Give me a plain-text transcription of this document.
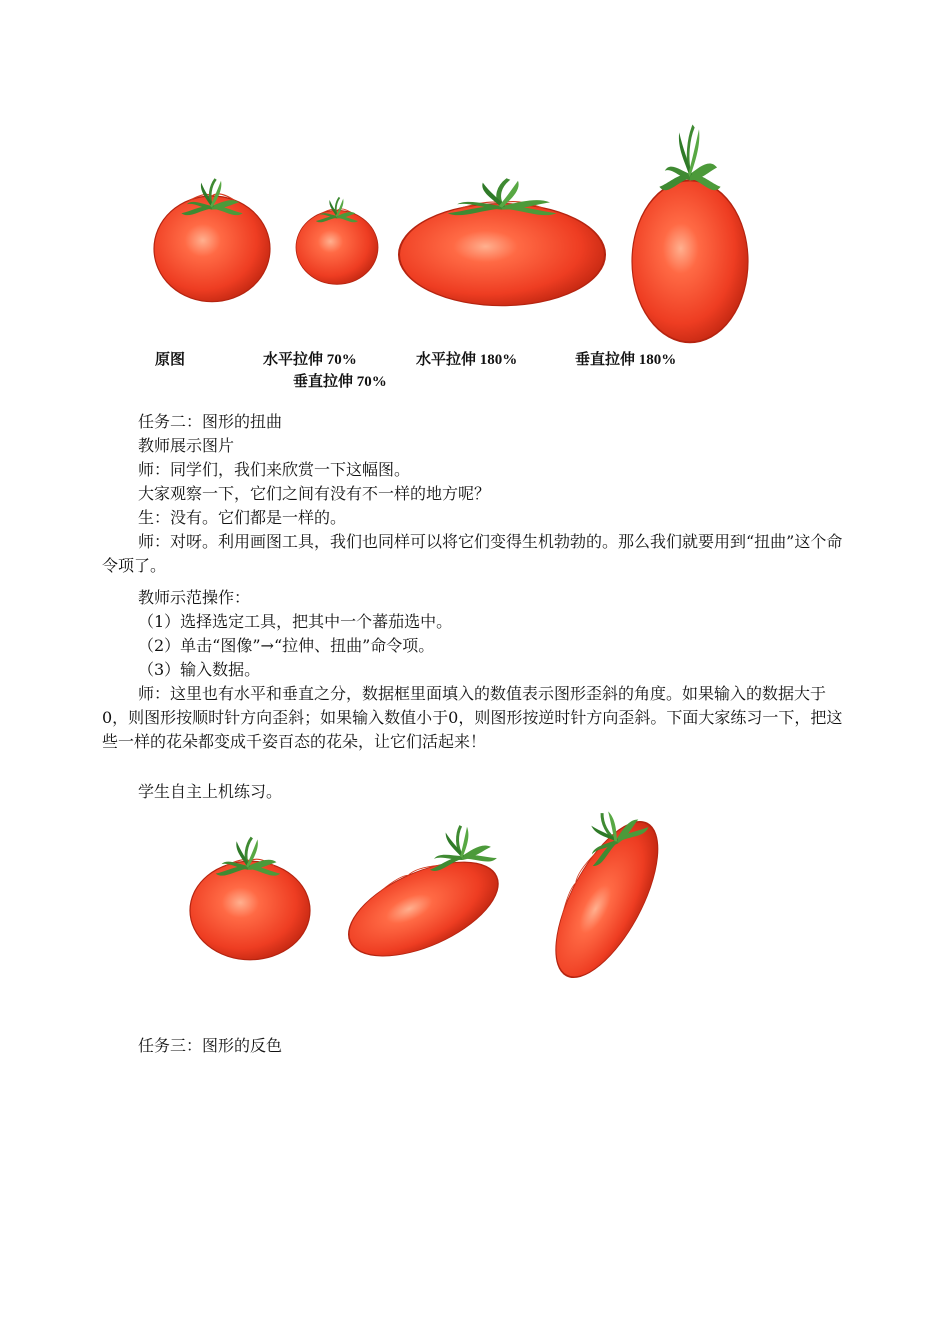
原图	水平拉伸 70%
垂直拉伸 70%
水平拉伸 180%	垂直拉伸 180%
任务二：图形的扭曲
教师展示图片
师：同学们，我们来欣赏一下这幅图。
大家观察一下，它们之间有没有不一样的地方呢？
生：没有。它们都是一样的。
师：对呀。利用画图工具，我们也同样可以将它们变得生机勃勃的。那么我们就要用到“扭曲”这个命令项了。
教师示范操作：
（1）选择选定工具，把其中一个蕃茄选中。
（2）单击“图像”→“拉伸、扭曲”命令项。
（3）输入数据。
师：这里也有水平和垂直之分，数据框里面填入的数值表示图形歪斜的角度。如果输入的数据大于0，则图形按顺时针方向歪斜；如果输入数值小于0，则图形按逆时针方向歪斜。下面大家练习一下，把这些一样的花朵都变成千姿百态的花朵，让它们活起来！
学生自主上机练习。
任务三：图形的反色
